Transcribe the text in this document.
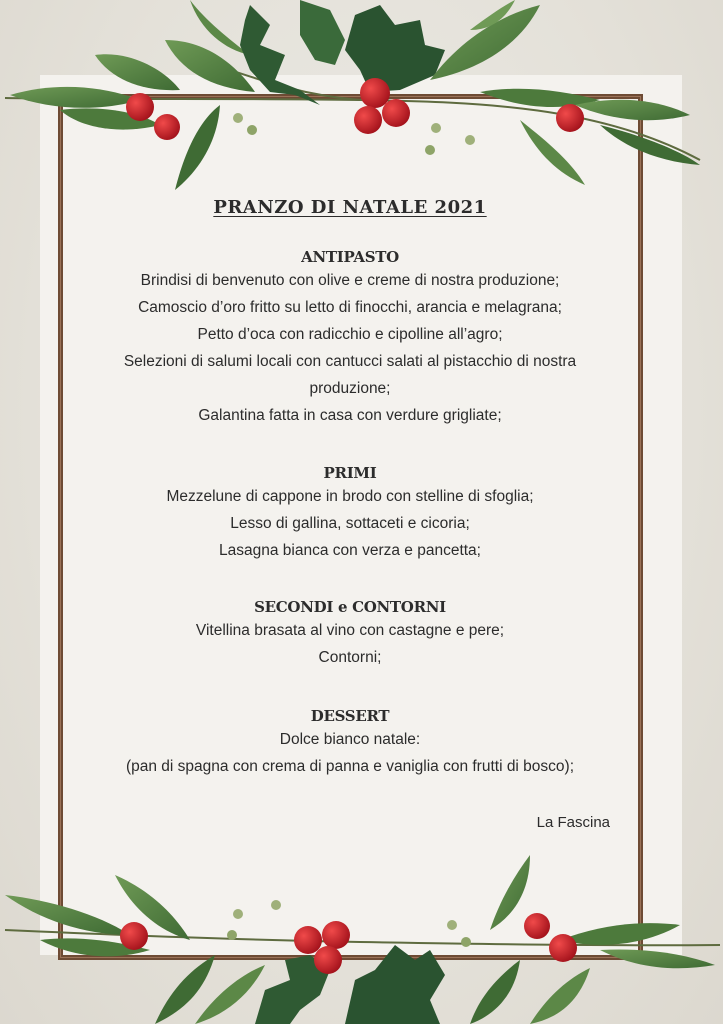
PRANZO DI NATALE 2021
ANTIPASTO
Brindisi di benvenuto con olive e creme di nostra produzione;
Camoscio d’oro fritto su letto di finocchi, arancia e melagrana;
Petto d’oca con radicchio e cipolline all’agro;
Selezioni di salumi locali con cantucci salati al pistacchio di nostra
produzione;
Galantina fatta in casa con verdure grigliate;
PRIMI
Mezzelune di cappone in brodo con stelline di sfoglia;
Lesso di gallina, sottaceti e cicoria;
Lasagna bianca con verza e pancetta;
SECONDI e CONTORNI
Vitellina brasata al vino con castagne e pere;
Contorni;
DESSERT
Dolce bianco natale:
(pan di spagna con crema di panna e vaniglia con frutti di bosco);
La Fascina
